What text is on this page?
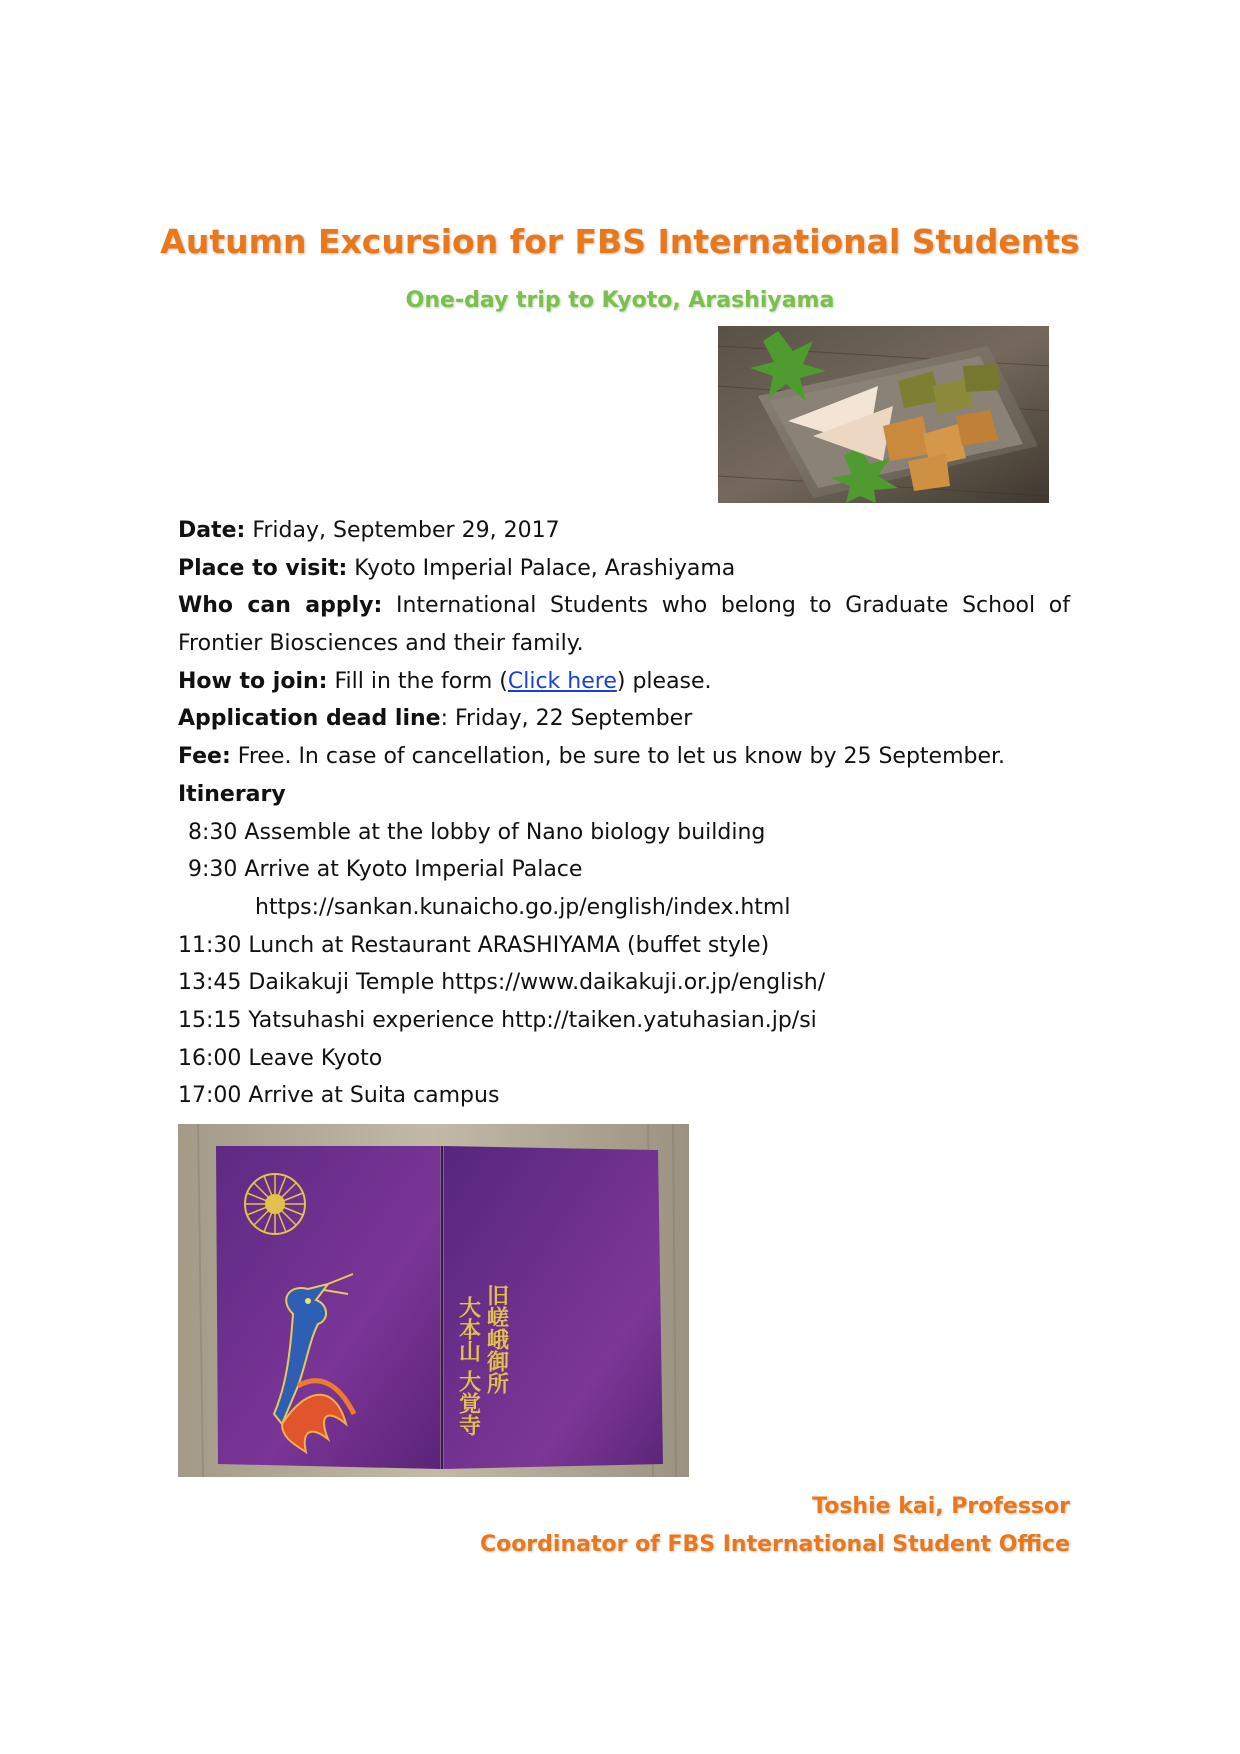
Autumn Excursion for FBS International Students
One-day trip to Kyoto, Arashiyama
Date: Friday, September 29, 2017
Place to visit: Kyoto Imperial Palace, Arashiyama
Who can apply: International Students who belong to Graduate School of
Frontier Biosciences and their family.
How to join: Fill in the form (Click here) please.
Application dead line: Friday, 22 September
Fee: Free. In case of cancellation, be sure to let us know by 25 September.
Itinerary
8:30 Assemble at the lobby of Nano biology building
9:30 Arrive at Kyoto Imperial Palace
https://sankan.kunaicho.go.jp/english/index.html
11:30 Lunch at Restaurant ARASHIYAMA (buffet style)
13:45 Daikakuji Temple https://www.daikakuji.or.jp/english/
15:15 Yatsuhashi experience http://taiken.yatuhasian.jp/si
16:00 Leave Kyoto
17:00 Arrive at Suita campus
旧嵯峨御所
大本山
大覚寺
Toshie kai, Professor
Coordinator of FBS International Student Office
